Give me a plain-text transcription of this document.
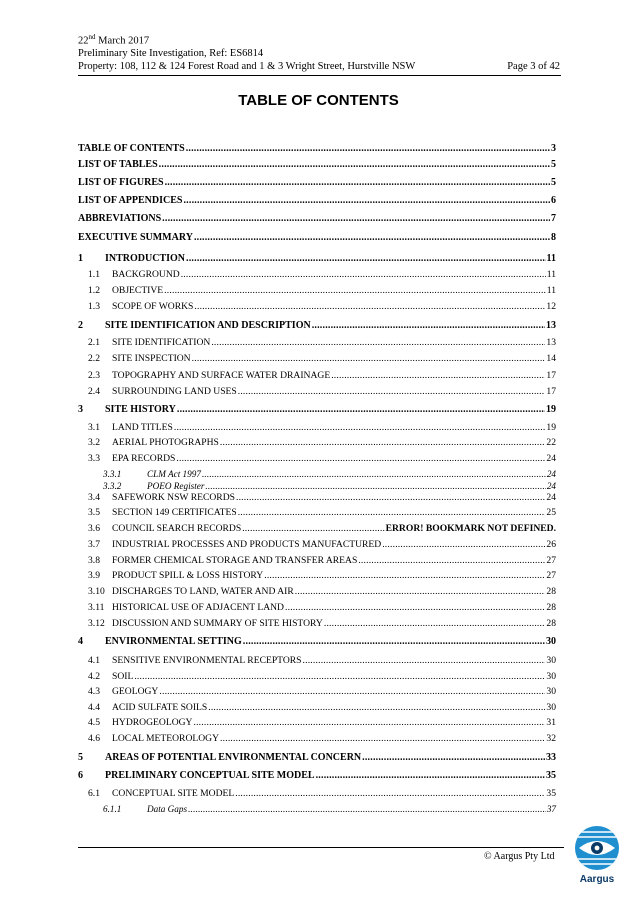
22nd March 2017
Preliminary Site Investigation, Ref: ES6814
Property: 108, 112 & 124 Forest Road and 1 & 3 Wright Street, Hurstville NSW	Page 3 of 42
TABLE OF CONTENTS
TABLE OF CONTENTS .....	3
LIST OF TABLES .....	5
LIST OF FIGURES .....	5
LIST OF APPENDICES .....	6
ABBREVIATIONS .....	7
EXECUTIVE SUMMARY .....	8
1	INTRODUCTION .....	11
1.1	BACKGROUND .....	11
1.2	OBJECTIVE .....	11
1.3	SCOPE OF WORKS .....	12
2	SITE IDENTIFICATION AND DESCRIPTION .....	13
2.1	SITE IDENTIFICATION .....	13
2.2	SITE INSPECTION .....	14
2.3	TOPOGRAPHY AND SURFACE WATER DRAINAGE .....	17
2.4	SURROUNDING LAND USES .....	17
3	SITE HISTORY .....	19
3.1	LAND TITLES .....	19
3.2	AERIAL PHOTOGRAPHS .....	22
3.3	EPA RECORDS .....	24
3.3.1	CLM Act 1997 .....	24
3.3.2	POEO Register .....	24
3.4	SAFEWORK NSW RECORDS .....	24
3.5	SECTION 149 CERTIFICATES .....	25
3.6	COUNCIL SEARCH RECORDS .....	ERROR! BOOKMARK NOT DEFINED.
3.7	INDUSTRIAL PROCESSES AND PRODUCTS MANUFACTURED .....	26
3.8	FORMER CHEMICAL STORAGE AND TRANSFER AREAS .....	27
3.9	PRODUCT SPILL & LOSS HISTORY .....	27
3.10 DISCHARGES TO LAND, WATER AND AIR .....	28
3.11 HISTORICAL USE OF ADJACENT LAND .....	28
3.12 DISCUSSION AND SUMMARY OF SITE HISTORY .....	28
4	ENVIRONMENTAL SETTING .....	30
4.1	SENSITIVE ENVIRONMENTAL RECEPTORS .....	30
4.2	SOIL .....	30
4.3	GEOLOGY .....	30
4.4	ACID SULFATE SOILS .....	30
4.5	HYDROGEOLOGY .....	31
4.6	LOCAL METEOROLOGY .....	32
5	AREAS OF POTENTIAL ENVIRONMENTAL CONCERN .....	33
6	PRELIMINARY CONCEPTUAL SITE MODEL .....	35
6.1	CONCEPTUAL SITE MODEL .....	35
6.1.1	Data Gaps .....	37
© Aargus Pty Ltd
Aargus
